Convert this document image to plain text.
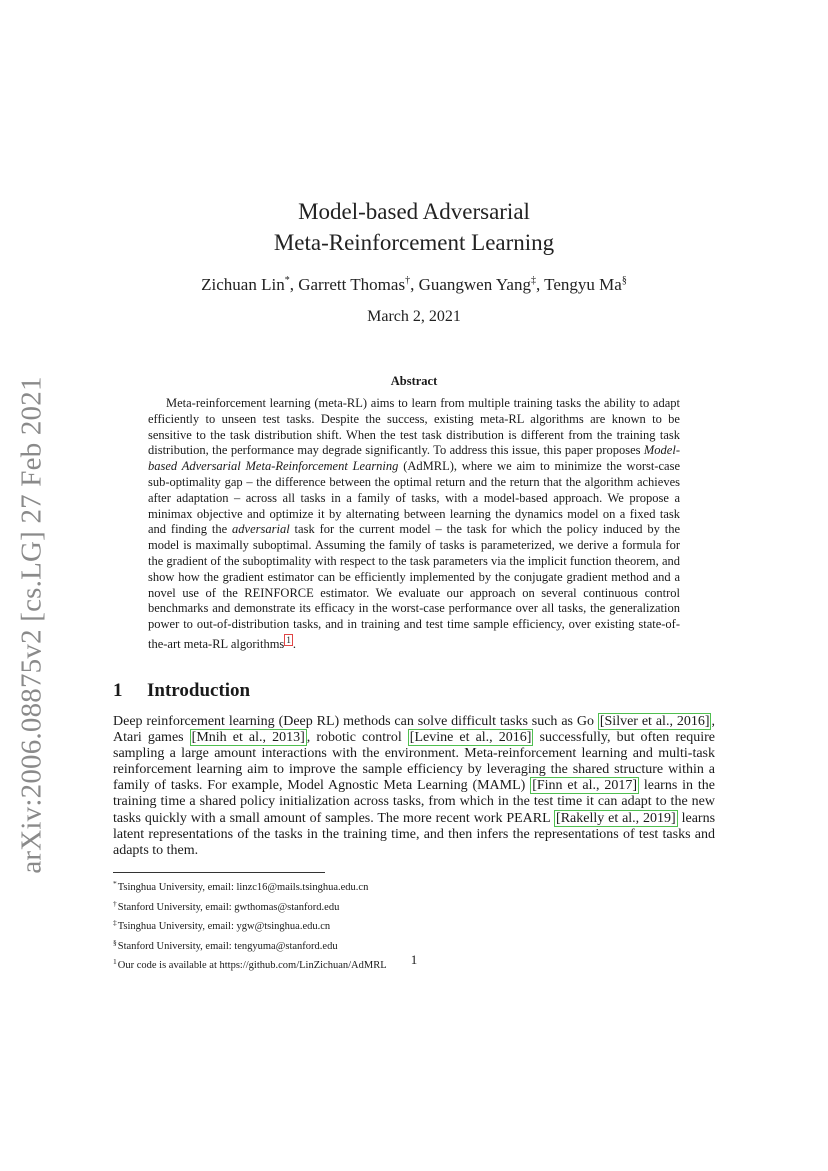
arXiv:2006.08875v2 [cs.LG] 27 Feb 2021
Model-based Adversarial
Meta-Reinforcement Learning
Zichuan Lin*, Garrett Thomas†, Guangwen Yang‡, Tengyu Ma§
March 2, 2021
Abstract

Meta-reinforcement learning (meta-RL) aims to learn from multiple training tasks the ability to adapt efficiently to unseen test tasks. Despite the success, existing meta-RL algorithms are known to be sensitive to the task distribution shift. When the test task distribution is different from the training task distribution, the performance may degrade significantly. To address this issue, this paper proposes Model-based Adversarial Meta-Reinforcement Learning (AdMRL), where we aim to minimize the worst-case sub-optimality gap – the difference between the optimal return and the return that the algorithm achieves after adaptation – across all tasks in a family of tasks, with a model-based approach. We propose a minimax objective and optimize it by alternating between learning the dynamics model on a fixed task and finding the adversarial task for the current model – the task for which the policy induced by the model is maximally suboptimal. Assuming the family of tasks is parameterized, we derive a formula for the gradient of the suboptimality with respect to the task parameters via the implicit function theorem, and show how the gradient estimator can be efficiently implemented by the conjugate gradient method and a novel use of the REINFORCE estimator. We evaluate our approach on several continuous control benchmarks and demonstrate its efficacy in the worst-case performance over all tasks, the generalization power to out-of-distribution tasks, and in training and test time sample efficiency, over existing state-of-the-art meta-RL algorithms $^1$ .

1 Introduction

Deep reinforcement learning (Deep RL) methods can solve difficult tasks such as Go [Silver et al., 2016] , Atari games [Mnih et al., 2013] , robotic control [Levine et al., 2016] successfully, but often require sampling a large amount interactions with the environment. Meta-reinforcement learning and multi-task reinforcement learning aim to improve the sample efficiency by leveraging the shared structure within a family of tasks. For example, Model Agnostic Meta Learning (MAML) [Finn et al., 2017] learns in the training time a shared policy initialization across tasks, from which in the test time it can adapt to the new tasks quickly with a small amount of samples. The more recent work PEARL [Rakelly et al., 2019] learns latent representations of the tasks in the training time, and then infers the representations of test tasks and adapts to them.

*Tsinghua University, email: linzc16@mails.tsinghua.edu.cn
†Stanford University, email: gwthomas@stanford.edu
‡Tsinghua University, email: ygw@tsinghua.edu.cn
§Stanford University, email: tengyuma@stanford.edu
$^1$Our code is available at https://github.com/LinZichuan/AdMRL	1
